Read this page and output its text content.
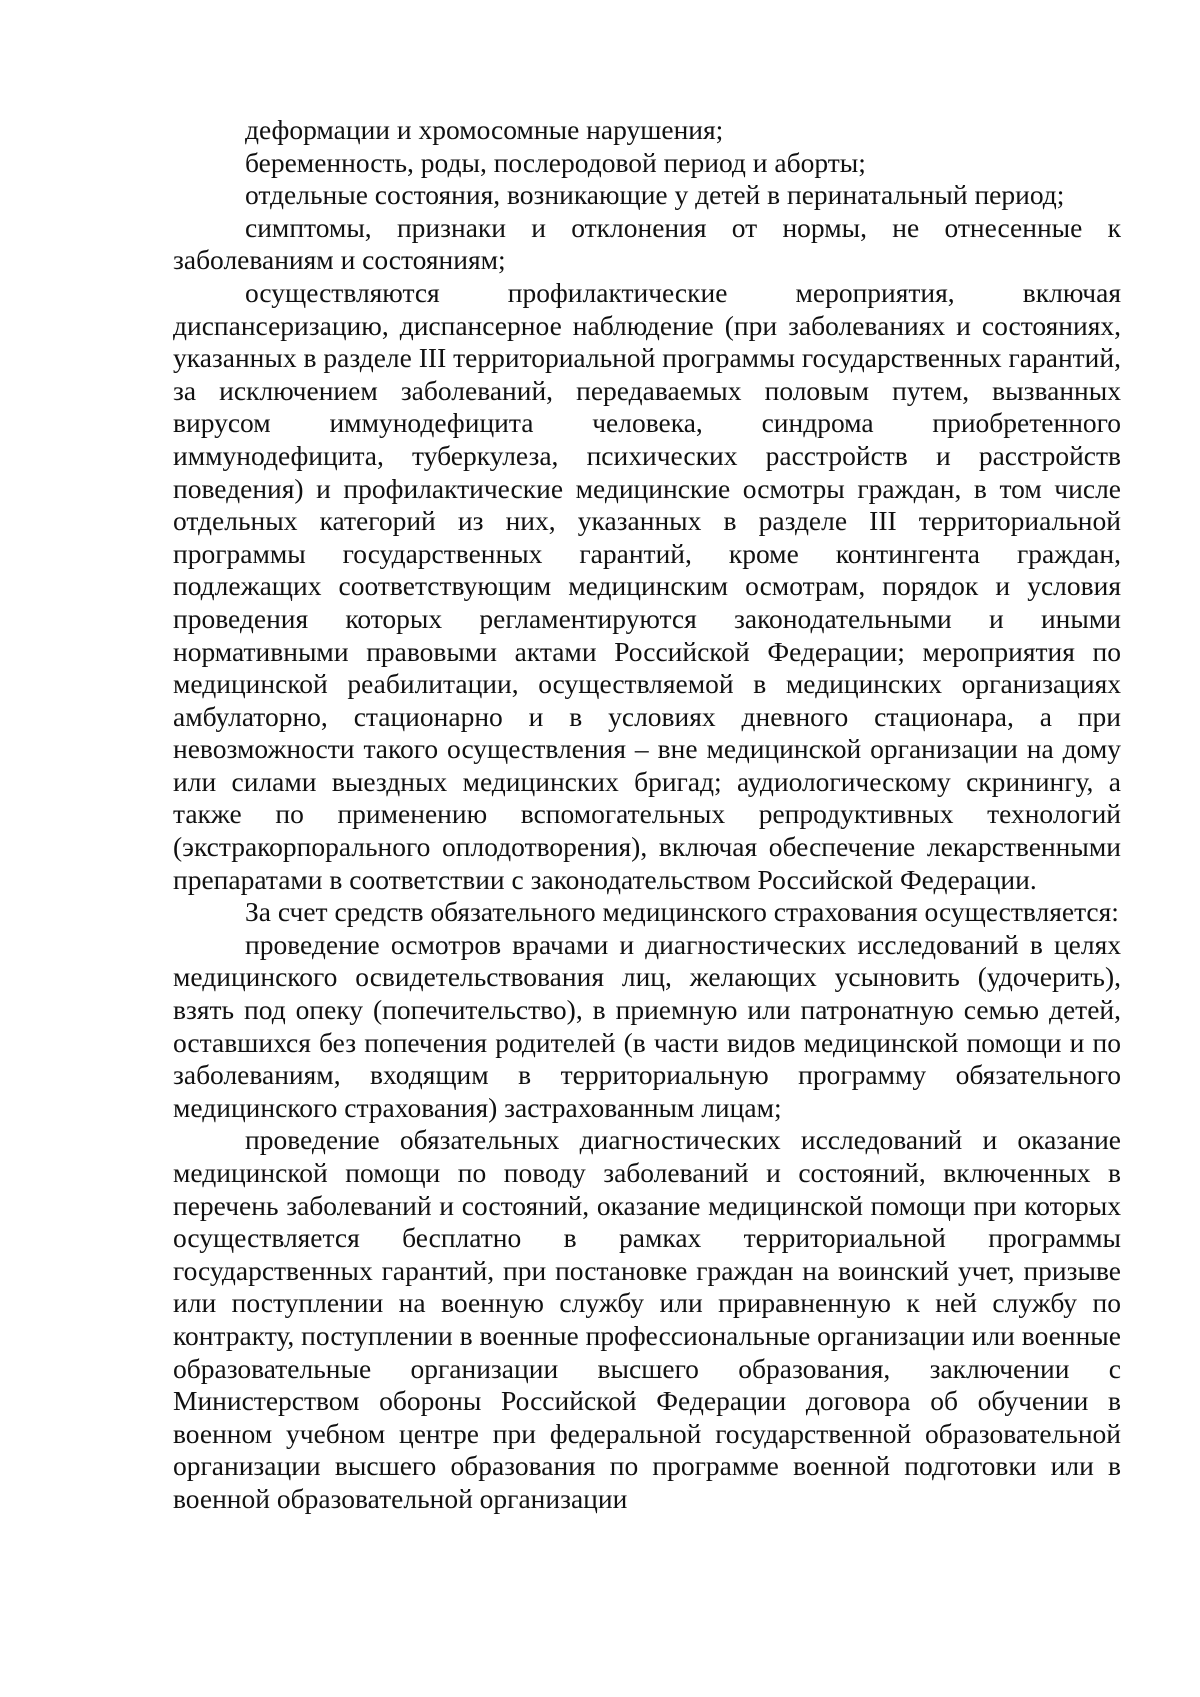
деформации и хромосомные нарушения;

беременность, роды, послеродовой период и аборты;

отдельные состояния, возникающие у детей в перинатальный период;

симптомы, признаки и отклонения от нормы, не отнесенные к заболеваниям и состояниям;

осуществляются профилактические мероприятия, включая диспансеризацию, диспансерное наблюдение (при заболеваниях и состояниях, указанных в разделе III территориальной программы государственных гарантий, за исключением заболеваний, передаваемых половым путем, вызванных вирусом иммунодефицита человека, синдрома приобретенного иммунодефицита, туберкулеза, психических расстройств и расстройств поведения) и профилактические медицинские осмотры граждан, в том числе отдельных категорий из них, указанных в разделе III территориальной программы государственных гарантий, кроме контингента граждан, подлежащих соответствующим медицинским осмотрам, порядок и условия проведения которых регламентируются законодательными и иными нормативными правовыми актами Российской Федерации; мероприятия по медицинской реабилитации, осуществляемой в медицинских организациях амбулаторно, стационарно и в условиях дневного стационара, а при невозможности такого осуществления – вне медицинской организации на дому или силами выездных медицинских бригад; аудиологическому скринингу, а также по применению вспомогательных репродуктивных технологий (экстракорпорального оплодотворения), включая обеспечение лекарственными препаратами в соответствии с законодательством Российской Федерации.

За счет средств обязательного медицинского страхования осуществляется:

проведение осмотров врачами и диагностических исследований в целях медицинского освидетельствования лиц, желающих усыновить (удочерить), взять под опеку (попечительство), в приемную или патронатную семью детей, оставшихся без попечения родителей (в части видов медицинской помощи и по заболеваниям, входящим в территориальную программу обязательного медицинского страхования) застрахованным лицам;

проведение обязательных диагностических исследований и оказание медицинской помощи по поводу заболеваний и состояний, включенных в перечень заболеваний и состояний, оказание медицинской помощи при которых осуществляется бесплатно в рамках территориальной программы государственных гарантий, при постановке граждан на воинский учет, призыве или поступлении на военную службу или приравненную к ней службу по контракту, поступлении в военные профессиональные организации или военные образовательные организации высшего образования, заключении с Министерством обороны Российской Федерации договора об обучении в военном учебном центре при федеральной государственной образовательной организации высшего образования по программе военной подготовки или в военной образовательной организации
